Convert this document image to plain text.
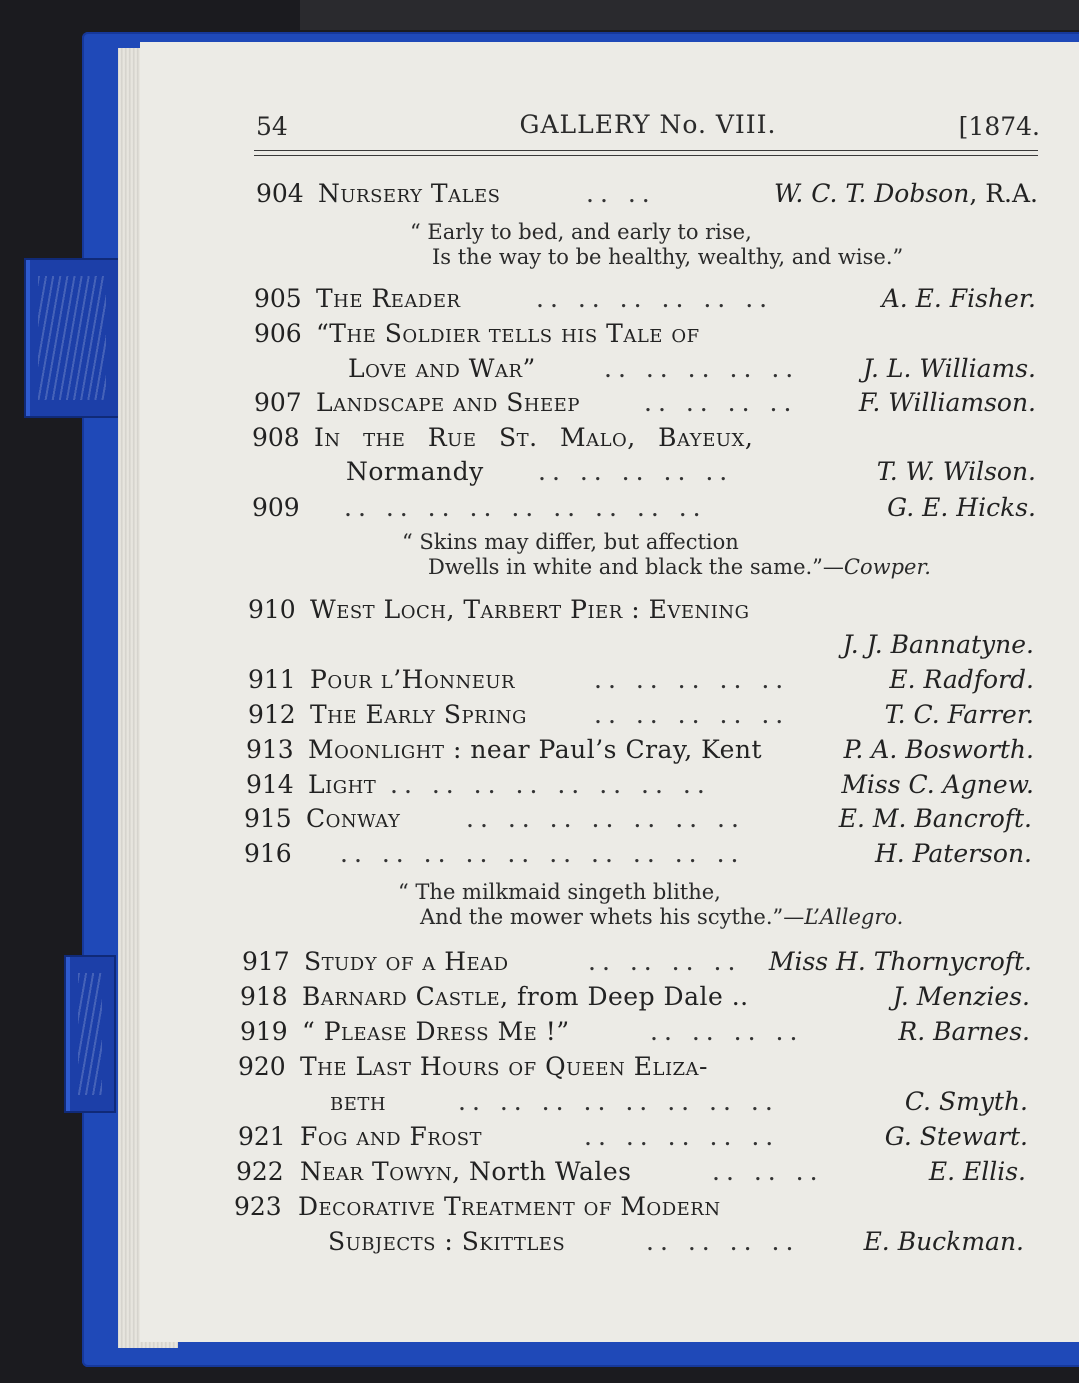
54	GALLERY No. VIII.	[1874.
904 Nursery Tales	.. ..	W. C. T. Dobson, R.A.
“ Early to bed, and early to rise,
Is the way to be healthy, wealthy, and wise.”
905 The Reader	.. .. .. .. .. ..	A. E. Fisher.
906 “The Soldier tells his Tale of
Love and War”	.. .. .. .. ..	J. L. Williams.
907 Landscape and Sheep	.. .. .. .. F. Williamson.
908 In the Rue St. Malo, Bayeux,
Normandy .. .. .. .. ..	T. W. Wilson.
909 .. .. .. .. .. .. .. .. ..	G. E. Hicks.
“ Skins may differ, but affection
Dwells in white and black the same.”—Cowper.
910 West Loch, Tarbert Pier : Evening
J. J. Bannatyne.
911 Pour l’Honneur	.. .. .. .. ..	E. Radford.
912 The Early Spring	.. .. .. .. ..	T. C. Farrer.
913 Moonlight : near Paul’s Cray, Kent	P. A. Bosworth.
914 Light .. .. .. .. .. .. .. ..	Miss C. Agnew.
915 Conway	.. .. .. .. .. .. ..	E. M. Bancroft.
916 .. .. .. .. .. .. .. .. .. ..	H. Paterson.
“ The milkmaid singeth blithe,
And the mower whets his scythe.”—L’Allegro.
917 Study of a Head	.. .. .. .. Miss H. Thornycroft.
918 Barnard Castle, from Deep Dale ..	J. Menzies.
919 “ Please Dress Me !”	.. .. .. ..	R. Barnes.
920 The Last Hours of Queen Eliza-
beth	.. .. .. .. .. .. .. ..	C. Smyth.
921 Fog and Frost	.. .. .. .. ..	G. Stewart.
922 Near Towyn, North Wales	.. .. ..	E. Ellis.
923 Decorative Treatment of Modern
Subjects : Skittles	.. .. .. ..	E. Buckman.
